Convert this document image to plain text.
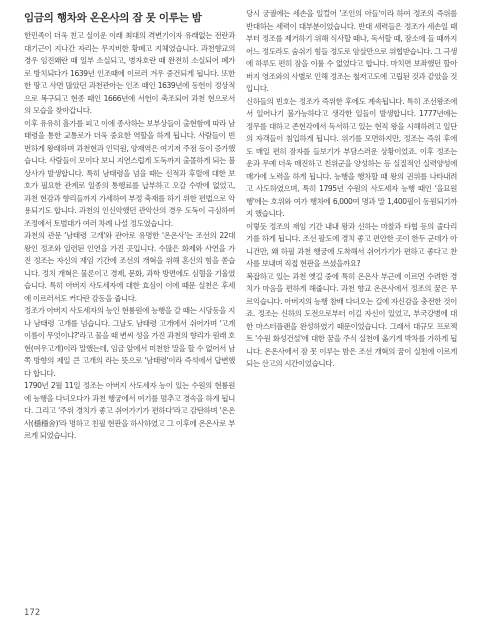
임금의 행차와 온온사의 잠 못 이루는 밤

한민족이 더욱 친고 실이운 이래 최대의 격변기이자 유래없는 전란과 대기근이 지나간 자리는 무지비한 황폐고 지체였습니다. 과천향교의 경우 임진왜란 때 일부 소실되고, 병자호란 때 완전히 소실되어 폐가로 방치되다가 1639년 인조때에 이르러 겨우 중건되게 됩니다. 또한 한 땅고 사면 많았던 과천관아는 인조 때인 1639년에 동헌이 정상적으로 복구되고 현종 때인 1666년에 서헌이 축조되어 과천 현으로서의 모습을 찾아갑니다.

이후 유유히 흘가를 피고 이에 종사하는 보부상들이 출현함에 따라 남태령을 통한 교통로가 더욱 중요한 역할을 하게 됩니다. 사람들이 빈번하게 왕래하며 과천현과 인덕원, 양재역은 여기저 주점 등이 증가했습니다. 사람들이 모이다 보니 지연스럽게 도둑까지 출몰하게 되는 불상사가 발생합니다. 특히 남태령을 넘을 때는 신적과 후릴에 대한 보호가 필요한 관계로 일종의 통행료를 납부하고 오갈 수밖에 없었고, 과천 현감과 향리들까지 가세하여 부정 축재를 하기 위한 편법으로 악용되기도 합니다. 과천의 인신악했던 관악산의 경우 도둑이 극심하여 조정에서 토벌대가 여러 차례 나설 정도였습니다.

과천의 관문 '남태령 고개'와 관아로 유명한 '온온사'는 조선의 22대 왕인 정조와 일련된 인연을 가진 곳입니다. 수많은 화제와 사연을 가진 정조는 자신의 재임 기간에 조선의 개혁을 위해 혼신의 힘을 쏟습니다. 정치 개혁은 물론이고 경제, 문화, 과학 방면에도 심혈을 기울였습니다. 특히 아버지 사도세자에 대한 효심이 이에 때문 실천은 후세에 이르러서도 커다란 감동을 줍니다.

정조가 아버지 사도세자의 능인 현륭원에 능행을 갈 때는 시당동을 지나 남태령 고개를 넘습니다. 그날도 남태령 고개에서 쉬어가며 '고개 이름이 무엇이냐?'라고 물을 때 변씨 성을 가진 과천의 향리가 원래 호현(여우고개)이라 말했는데, 임금 앞에서 미천한 말을 할 수 없어서 남쪽 방향의 제일 큰 고개의 라는 뜻으로 '남태령'이라 즉석에서 답변했다 합니다.

1790년 2월 11일 정조는 아버지 사도세자 능이 있는 수원의 현륭원에 능행을 다녀오다가 과천 행궁에서 여기를 멈추고 경속을 하게 됩니다. 그리고 '주위 경치가 좋고 쉬어가기가 편하다'라고 감탄하며 '온온사(穩穩舍)'라 명하고 친필 현판을 하사하였고 그 이후에 온온사로 부르게 되었습니다.

당시 궁궐에는 세손을 일컬어 '조인의 아들'이라 하여 정조의 즉위를 반대하는 세력이 대부분이었습니다. 반대 세력들은 정조가 세손일 때부터 정조를 제거하기 위해 식사할 때나, 독서할 때, 잠소에 들 때까지 어느 정도라도 숨쉬기 힘들 정도로 암살만으로 위협받습니다. 그 극생에 하루도 편히 잠을 이룰 수 없었다고 합니다. 마치면 보좌했던 할아버지 영조와의 사별로 인해 정조는 철저고도에 고립된 것과 같았을 것입니다.

신하들의 빈호는 정조가 즉위한 후에도 계속됩니다. 특히 조선왕조에서 일어나기 불가능하다고 생각한 일들이 발생합니다. 1777년에는 정무를 대하고 존현각에서 독서하고 있는 현직 왕을 시해하려고 일단의 자객들이 침입하게 됩니다. 위기를 모면하지만, 정조는 즉위 후에도 매일 편히 잠자를 들보기가 부담스러운 상황이었죠. 이후 정조는 운과 무예 더욱 매진하고 친위군을 양성하는 등 실질적인 실력양성에 매가에 노력을 하게 됩니다. 능행을 행차할 때 왕의 권위를 나타내려고 사도하였으며, 특히 1795년 수원의 사도세자 능행 때인 '을묘원행'에는 호위와 여가 행차에 6,000여 명과 말 1,400필이 동원되기까지 했습니다.

이렇듯 정조의 재임 기간 내내 왕과 신하는 마찰과 타협 등의 줄다리기를 하게 됩니다. 조선 팔도에 경치 좋고 편안한 곳이 한두 군데가 아니건만, 왜 하필 과천 행궁에 도착해서 쉬어가기가 편하고 좋다고 찬사를 보내며 직접 현판을 쓰셨을까요?

복잡하고 있는 과천 옛길 중에 특히 온온사 부근에 이르면 수려한 경치가 마음을 편하게 해줍니다. 과천 향교 온온사에서 정조의 꿈은 무르익습니다. 아버지의 능행 참배 다녀오는 길에 자신감을 충전한 것이죠. 정조는 신하의 도전으로부터 이길 자신이 있었고, 부국강병에 대한 마스터플랜을 완성하였기 때문이었습니다. 그래서 대규모 프로젝트 '수원 화성건설'에 대한 꿈을 주식 실천에 옮기게 박차를 가하게 됩니다. 온온사에서 잠 못 이루는 밤은 조선 개혁의 꿈이 실천에 이르게 되는 산고의 시간이었습니다.

172
